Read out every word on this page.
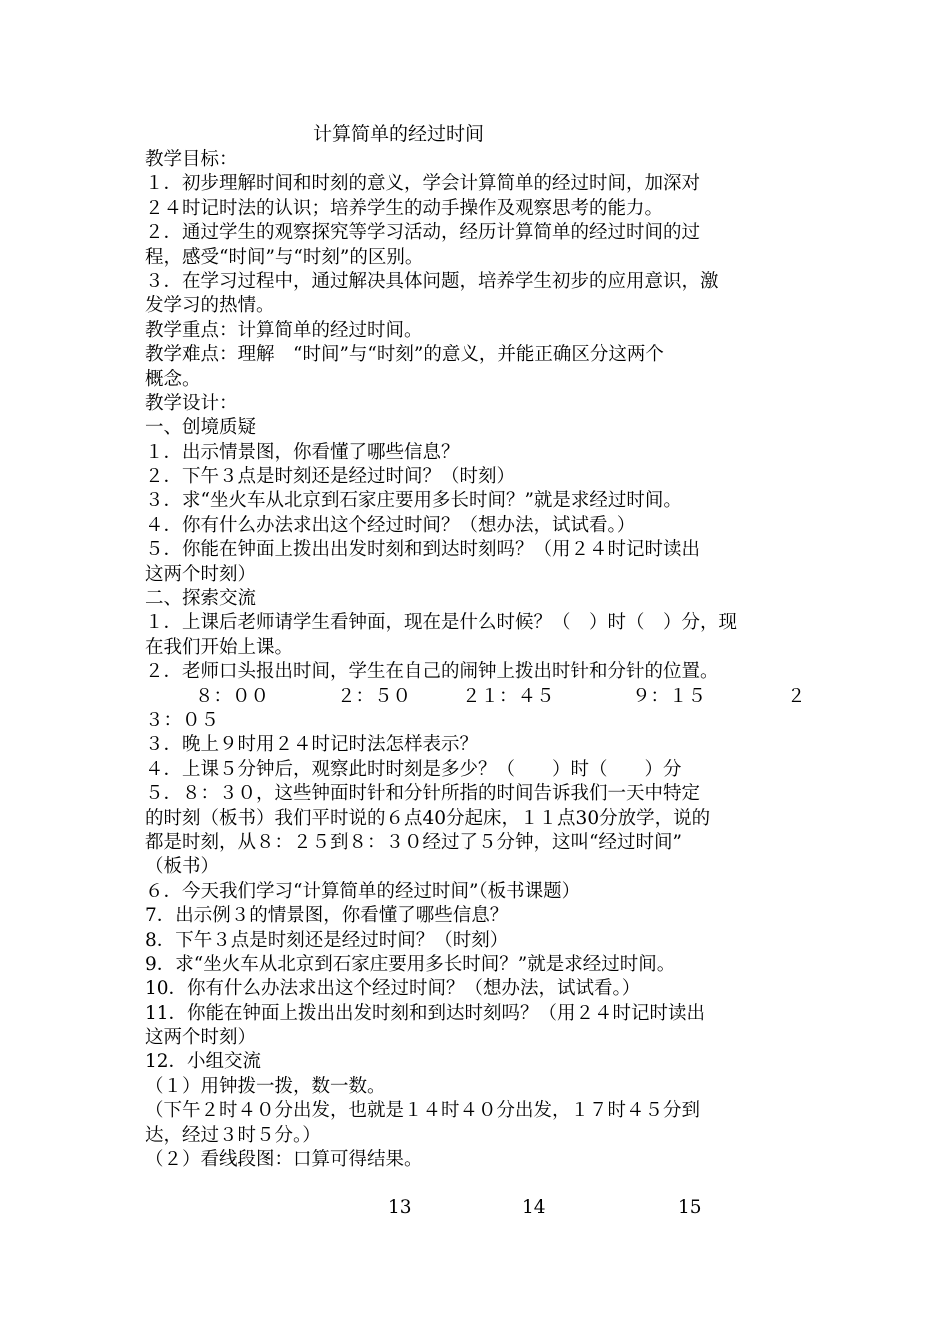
计算简单的经过时间
教学目标：
１．初步理解时间和时刻的意义，学会计算简单的经过时间，加深对
２４时记时法的认识；培养学生的动手操作及观察思考的能力。
２．通过学生的观察探究等学习活动，经历计算简单的经过时间的过
程，感受“时间”与“时刻”的区别。
３．在学习过程中，通过解决具体问题，培养学生初步的应用意识，激
发学习的热情。
教学重点：计算简单的经过时间。
教学难点：理解　“时间”与“时刻”的意义，并能正确区分这两个
概念。
教学设计：
一、创境质疑
１．出示情景图，你看懂了哪些信息？
２．下午３点是时刻还是经过时间？（时刻）
３．求“坐火车从北京到石家庄要用多长时间？”就是求经过时间。
４．你有什么办法求出这个经过时间？（想办法，试试看。）
５．你能在钟面上拨出出发时刻和到达时刻吗？（用２４时记时读出
这两个时刻）
二、探索交流
１．上课后老师请学生看钟面，现在是什么时候？（　）时（　）分，现
在我们开始上课。
２．老师口头报出时间，学生在自己的闹钟上拨出时针和分针的位置。
８：００	２：５０	２１：４５	９：１５	２
３：０５
３．晚上９时用２４时记时法怎样表示？
４．上课５分钟后，观察此时时刻是多少？（　　）时（　　）分
５．８：３０，这些钟面时针和分针所指的时间告诉我们一天中特定
的时刻（板书）我们平时说的６点40分起床，１１点30分放学，说的
都是时刻，从８：２５到８：３０经过了５分钟，这叫“经过时间”
（板书）
６．今天我们学习“计算简单的经过时间”（板书课题）
7．出示例３的情景图，你看懂了哪些信息？
8．下午３点是时刻还是经过时间？（时刻）
9．求“坐火车从北京到石家庄要用多长时间？”就是求经过时间。
10．你有什么办法求出这个经过时间？（想办法，试试看。）
11．你能在钟面上拨出出发时刻和到达时刻吗？（用２４时记时读出
这两个时刻）
12．小组交流
（１）用钟拨一拨，数一数。
（下午２时４０分出发，也就是１４时４０分出发，１７时４５分到
达，经过３时５分。）
（２）看线段图：口算可得结果。
13	14	15
